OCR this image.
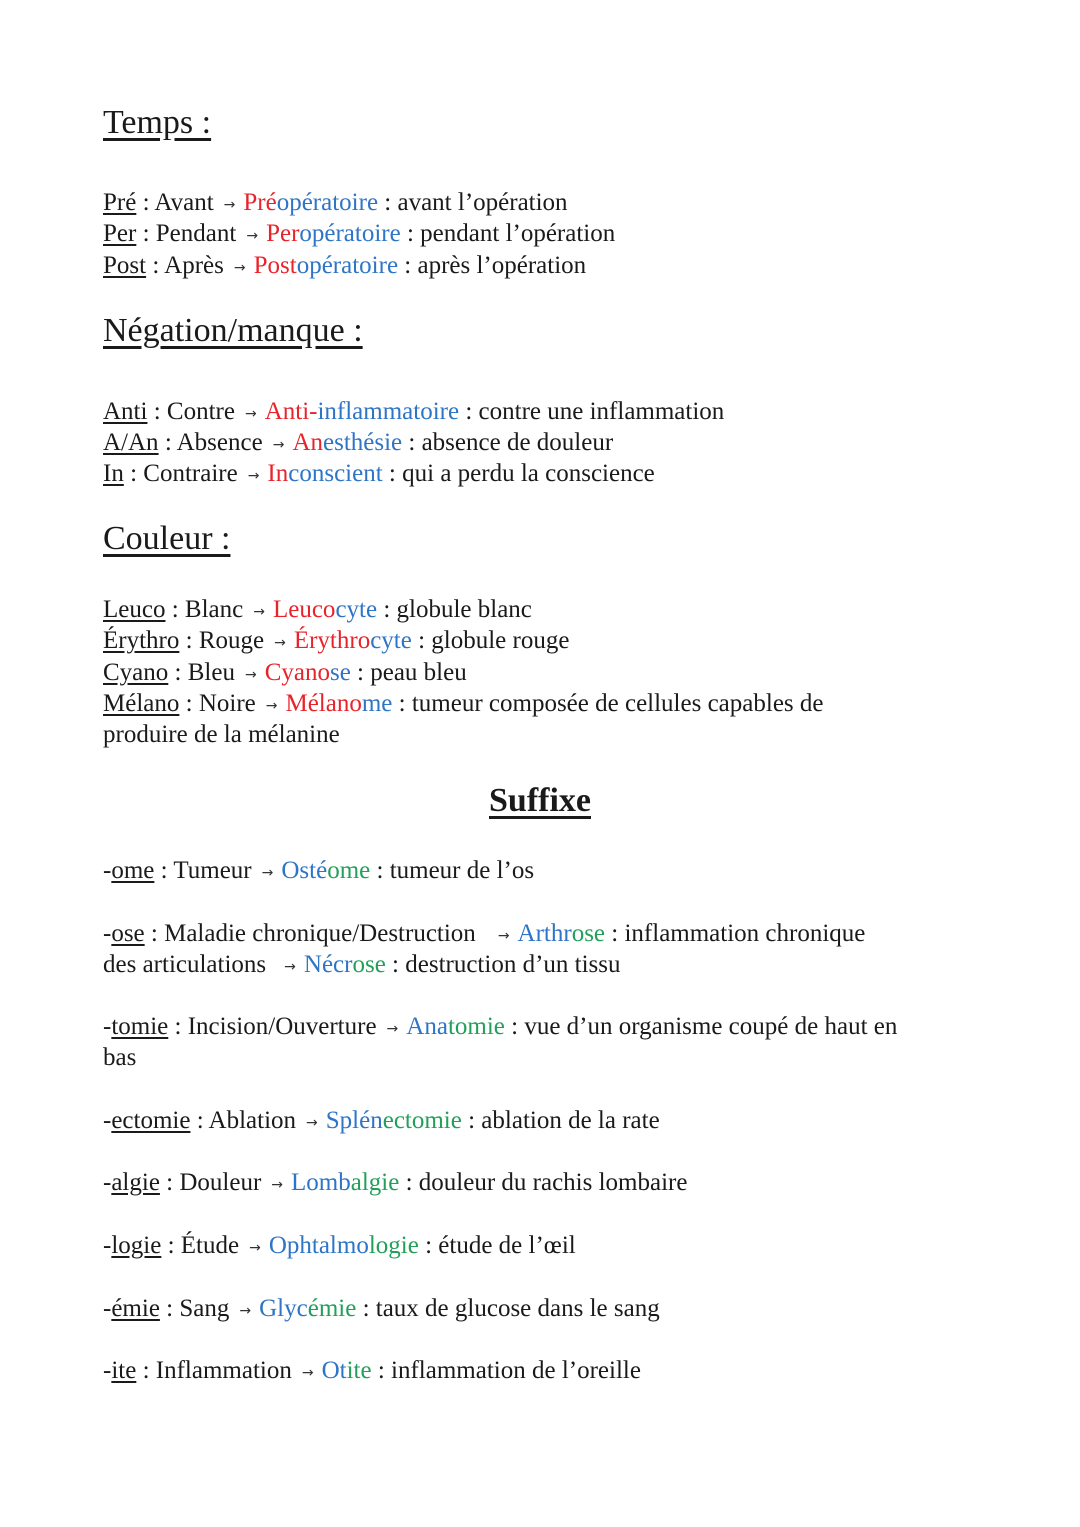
Temps :
Pré : Avant → Préopératoire : avant l’opération
Per : Pendant → Peropératoire : pendant l’opération
Post : Après → Postopératoire : après l’opération
Négation/manque :
Anti : Contre → Anti-inflammatoire : contre une inflammation
A/An : Absence → Anesthésie : absence de douleur
In : Contraire → Inconscient : qui a perdu la conscience
Couleur :
Leuco : Blanc → Leucocyte : globule blanc
Érythro : Rouge → Érythrocyte : globule rouge
Cyano : Bleu → Cyanose : peau bleu
Mélano : Noire → Mélanome : tumeur composée de cellules capables de
produire de la mélanine
Suffixe
-ome : Tumeur → Ostéome : tumeur de l’os
-ose : Maladie chronique/Destruction → Arthrose : inflammation chronique
des articulations → Nécrose : destruction d’un tissu
-tomie : Incision/Ouverture → Anatomie : vue d’un organisme coupé de haut en
bas
-ectomie : Ablation → Splénectomie : ablation de la rate
-algie : Douleur → Lombalgie : douleur du rachis lombaire
-logie : Étude → Ophtalmologie : étude de l’œil
-émie : Sang → Glycémie : taux de glucose dans le sang
-ite : Inflammation → Otite : inflammation de l’oreille
